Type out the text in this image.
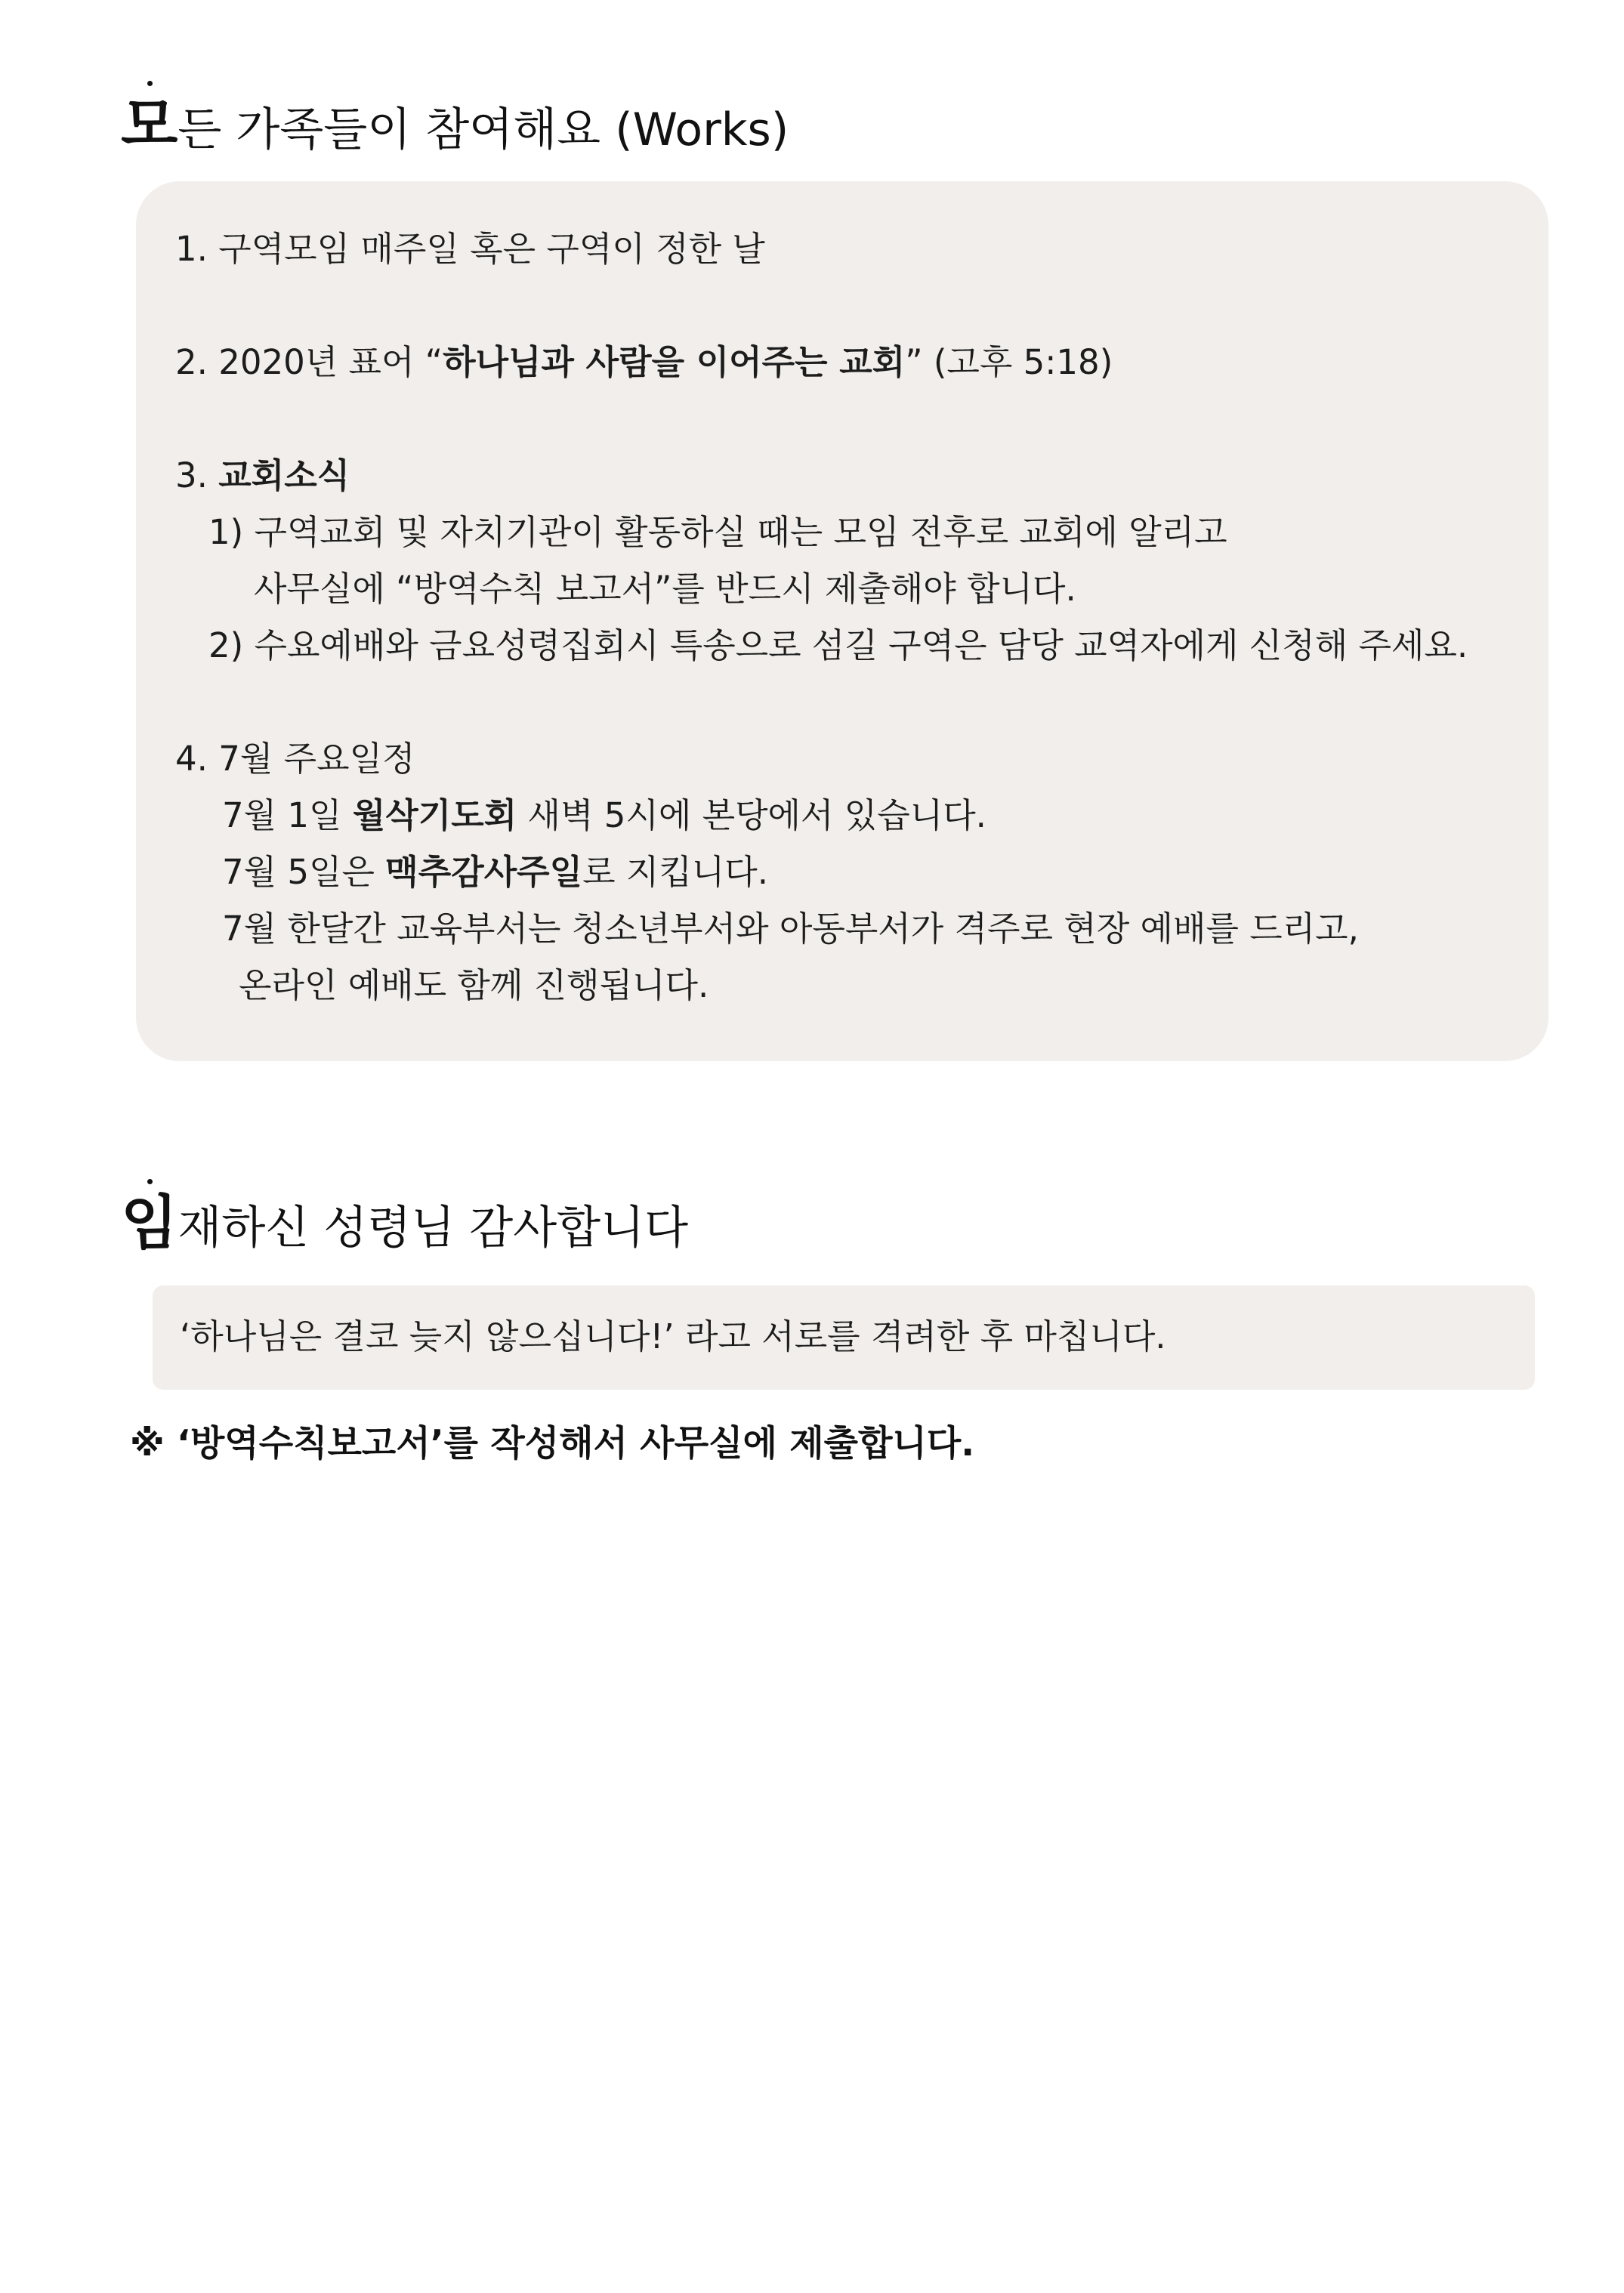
모든 가족들이 참여해요 (Works)
1. 구역모임 매주일 혹은 구역이 정한 날
2. 2020년 표어 “하나님과 사람을 이어주는 교회” (고후 5:18)
3. 교회소식
1) 구역교회 및 자치기관이 활동하실 때는 모임 전후로 교회에 알리고
사무실에 “방역수칙 보고서”를 반드시 제출해야 합니다.
2) 수요예배와 금요성령집회시 특송으로 섬길 구역은 담당 교역자에게 신청해 주세요.
4. 7월 주요일정
7월 1일 월삭기도회 새벽 5시에 본당에서 있습니다.
7월 5일은 맥추감사주일로 지킵니다.
7월 한달간 교육부서는 청소년부서와 아동부서가 격주로 현장 예배를 드리고,
온라인 예배도 함께 진행됩니다.
임재하신 성령님 감사합니다
‘하나님은 결코 늦지 않으십니다!’ 라고 서로를 격려한 후 마칩니다.
※ ‘방역수칙보고서’를 작성해서 사무실에 제출합니다.
